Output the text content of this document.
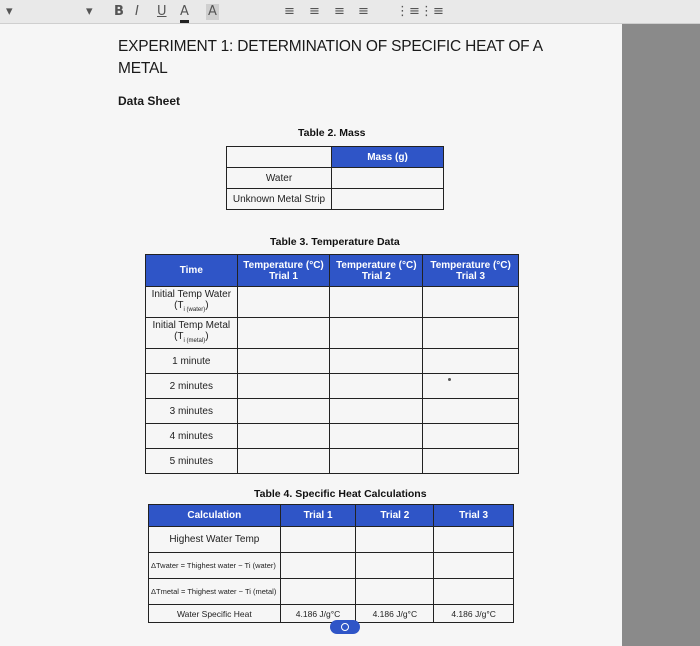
▾	▾ B I U A A	≡ ≡ ≡ ≡ ⋮≡ ⋮≡
EXPERIMENT 1: DETERMINATION OF SPECIFIC HEAT OF A METAL
Data Sheet
Table 2. Mass
	Mass (g)
Water	
Unknown Metal Strip	
Table 3. Temperature Data
Time	Temperature (°C) Trial 1	Temperature (°C) Trial 2	Temperature (°C) Trial 3
Initial Temp Water
$(T_{i (water)})$			
Initial Temp Metal
$(T_{i (metal)})$			
1 minute			
2 minutes			
3 minutes			
4 minutes			
5 minutes			
Table 4. Specific Heat Calculations
Calculation	Trial 1	Trial 2	Trial 3
Highest Water Temp			
ΔTwater = Thighest water − Ti (water)			
ΔTmetal = Thighest water − Ti (metal)			
Water Specific Heat	4.186 J/g°C	4.186 J/g°C	4.186 J/g°C
